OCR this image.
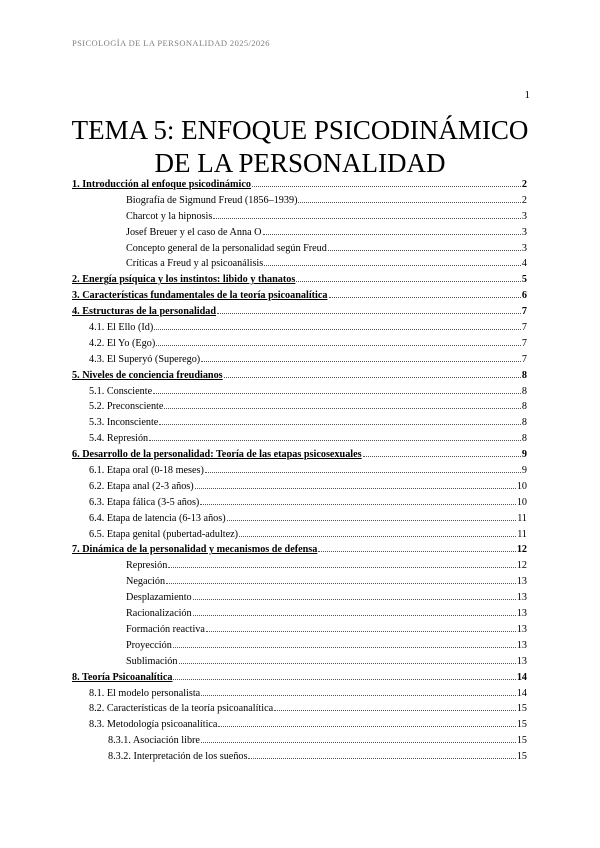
PSICOLOGÍA DE LA PERSONALIDAD 2025/2026
1
TEMA 5: ENFOQUE PSICODINÁMICO
DE LA PERSONALIDAD
1. Introducción al enfoque psicodinámico	2
Biografía de Sigmund Freud (1856–1939)	2
Charcot y la hipnosis	3
Josef Breuer y el caso de Anna O	3
Concepto general de la personalidad según Freud	3
Críticas a Freud y al psicoanálisis	4
2. Energía psíquica y los instintos: libido y thanatos	5
3. Características fundamentales de la teoría psicoanalítica	6
4. Estructuras de la personalidad	7
4.1. El Ello (Id)	7
4.2. El Yo (Ego)	7
4.3. El Superyó (Superego)	7
5. Niveles de conciencia freudianos	8
5.1. Consciente	8
5.2. Preconsciente	8
5.3. Inconsciente	8
5.4. Represión	8
6. Desarrollo de la personalidad: Teoría de las etapas psicosexuales	9
6.1. Etapa oral (0-18 meses)	9
6.2. Etapa anal (2-3 años)	10
6.3. Etapa fálica (3-5 años)	10
6.4. Etapa de latencia (6-13 años)	11
6.5. Etapa genital (pubertad-adultez)	11
7. Dinámica de la personalidad y mecanismos de defensa	12
Represión	12
Negación	13
Desplazamiento	13
Racionalización	13
Formación reactiva	13
Proyección	13
Sublimación	13
8. Teoría Psicoanalítica	14
8.1. El modelo personalista	14
8.2. Características de la teoría psicoanalítica	15
8.3. Metodología psicoanalítica	15
8.3.1. Asociación libre	15
8.3.2. Interpretación de los sueños	15
